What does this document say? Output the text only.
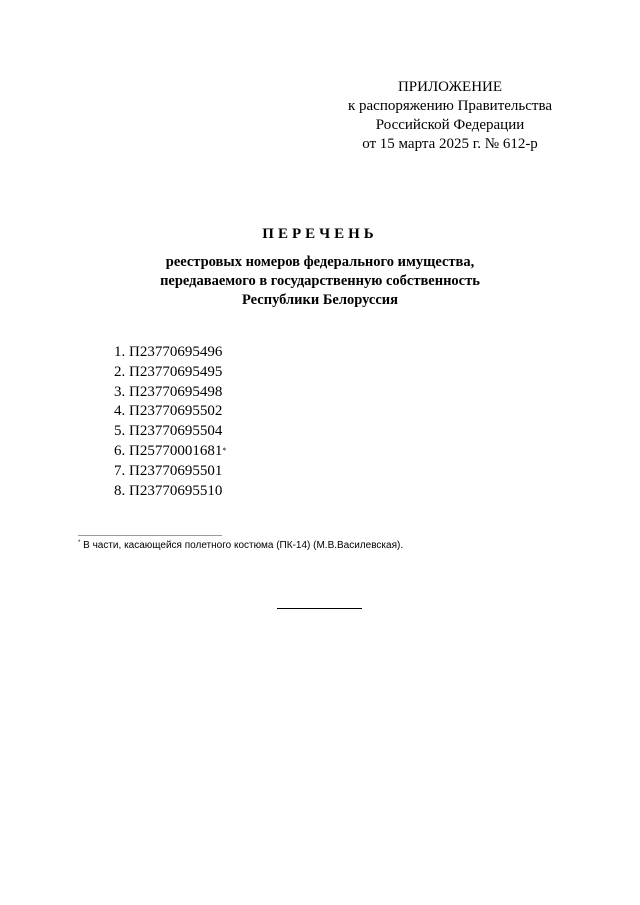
ПРИЛОЖЕНИЕ
к распоряжению Правительства
Российской Федерации
от 15 марта 2025 г. № 612-р
ПЕРЕЧЕНЬ
реестровых номеров федерального имущества,
передаваемого в государственную собственность
Республики Белоруссия
1. П23770695496
2. П23770695495
3. П23770695498
4. П23770695502
5. П23770695504
6. П25770001681*
7. П23770695501
8. П23770695510
* В части, касающейся полетного костюма (ПК-14) (М.В.Василевская).
